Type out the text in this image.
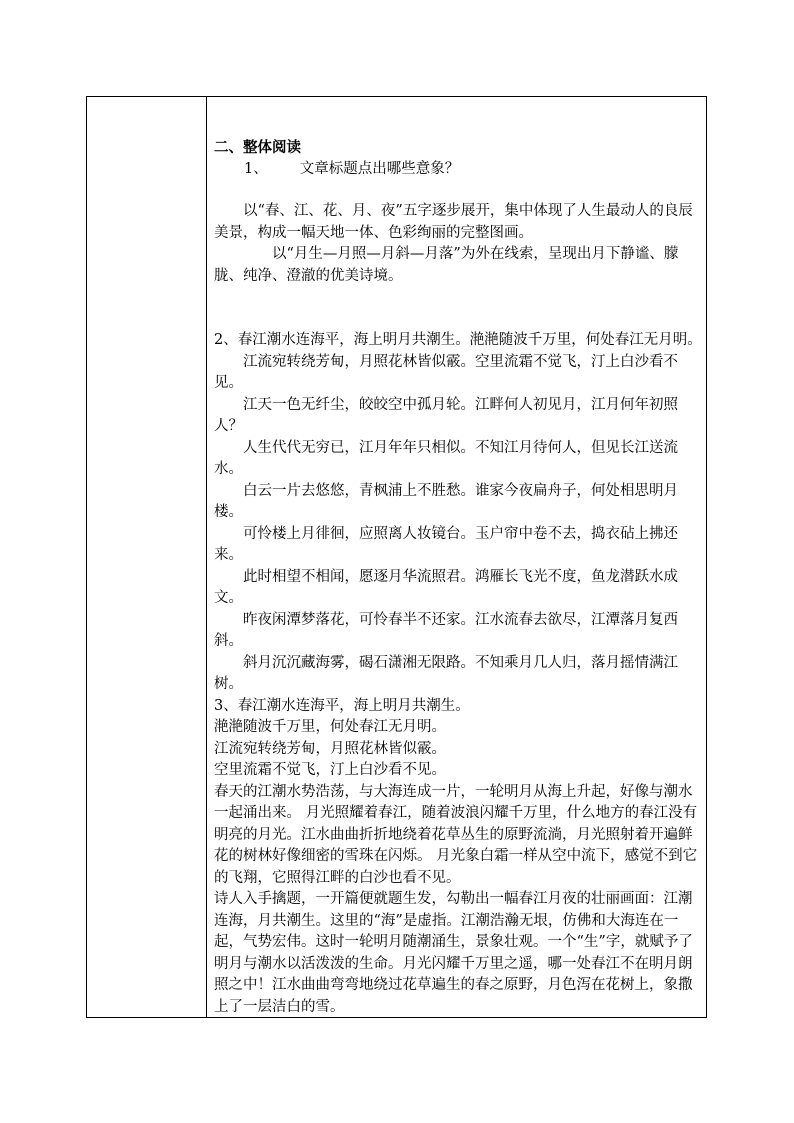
二、整体阅读

1、 文章标题点出哪些意象？

以“春、江、花、月、夜”五字逐步展开，集中体现了人生最动人的良辰美景，构成一幅天地一体、色彩绚丽的完整图画。

以“月生—月照—月斜—月落”为外在线索，呈现出月下静谧、朦胧、纯净、澄澈的优美诗境。

2、春江潮水连海平，海上明月共潮生。滟滟随波千万里，何处春江无月明。

江流宛转绕芳甸，月照花林皆似霰。空里流霜不觉飞，汀上白沙看不见。

江天一色无纤尘，皎皎空中孤月轮。江畔何人初见月，江月何年初照人？

人生代代无穷已，江月年年只相似。不知江月待何人，但见长江送流水。

白云一片去悠悠，青枫浦上不胜愁。谁家今夜扁舟子，何处相思明月楼。

可怜楼上月徘徊，应照离人妆镜台。玉户帘中卷不去，捣衣砧上拂还来。

此时相望不相闻，愿逐月华流照君。鸿雁长飞光不度，鱼龙潜跃水成文。

昨夜闲潭梦落花，可怜春半不还家。江水流春去欲尽，江潭落月复西斜。

斜月沉沉藏海雾，碣石潇湘无限路。不知乘月几人归，落月摇情满江树。

3、春江潮水连海平，海上明月共潮生。

滟滟随波千万里，何处春江无月明。

江流宛转绕芳甸，月照花林皆似霰。

空里流霜不觉飞，汀上白沙看不见。

春天的江潮水势浩荡，与大海连成一片，一轮明月从海上升起，好像与潮水一起涌出来。 月光照耀着春江，随着波浪闪耀千万里，什么地方的春江没有明亮的月光。江水曲曲折折地绕着花草丛生的原野流淌，月光照射着开遍鲜花的树林好像细密的雪珠在闪烁。 月光象白霜一样从空中流下，感觉不到它的飞翔，它照得江畔的白沙也看不见。

诗人入手擒题，一开篇便就题生发，勾勒出一幅春江月夜的壮丽画面：江潮连海，月共潮生。这里的“海”是虚指。江潮浩瀚无垠，仿佛和大海连在一起，气势宏伟。这时一轮明月随潮涌生，景象壮观。一个“生”字，就赋予了明月与潮水以活泼泼的生命。月光闪耀千万里之遥，哪一处春江不在明月朗照之中！江水曲曲弯弯地绕过花草遍生的春之原野，月色泻在花树上，象撒上了一层洁白的雪。
